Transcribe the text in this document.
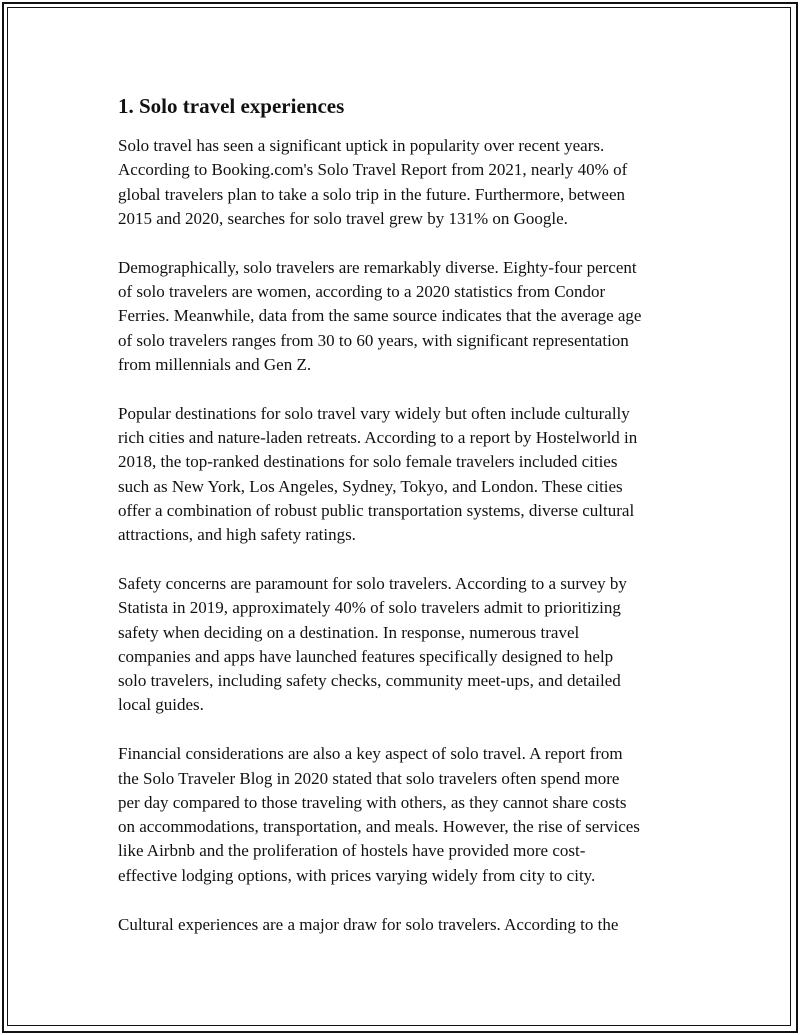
1. Solo travel experiences

Solo travel has seen a significant uptick in popularity over recent years.
According to Booking.com's Solo Travel Report from 2021, nearly 40% of
global travelers plan to take a solo trip in the future. Furthermore, between
2015 and 2020, searches for solo travel grew by 131% on Google.

Demographically, solo travelers are remarkably diverse. Eighty-four percent
of solo travelers are women, according to a 2020 statistics from Condor
Ferries. Meanwhile, data from the same source indicates that the average age
of solo travelers ranges from 30 to 60 years, with significant representation
from millennials and Gen Z.

Popular destinations for solo travel vary widely but often include culturally
rich cities and nature-laden retreats. According to a report by Hostelworld in
2018, the top-ranked destinations for solo female travelers included cities
such as New York, Los Angeles, Sydney, Tokyo, and London. These cities
offer a combination of robust public transportation systems, diverse cultural
attractions, and high safety ratings.

Safety concerns are paramount for solo travelers. According to a survey by
Statista in 2019, approximately 40% of solo travelers admit to prioritizing
safety when deciding on a destination. In response, numerous travel
companies and apps have launched features specifically designed to help
solo travelers, including safety checks, community meet-ups, and detailed
local guides.

Financial considerations are also a key aspect of solo travel. A report from
the Solo Traveler Blog in 2020 stated that solo travelers often spend more
per day compared to those traveling with others, as they cannot share costs
on accommodations, transportation, and meals. However, the rise of services
like Airbnb and the proliferation of hostels have provided more cost-
effective lodging options, with prices varying widely from city to city.

Cultural experiences are a major draw for solo travelers. According to the
